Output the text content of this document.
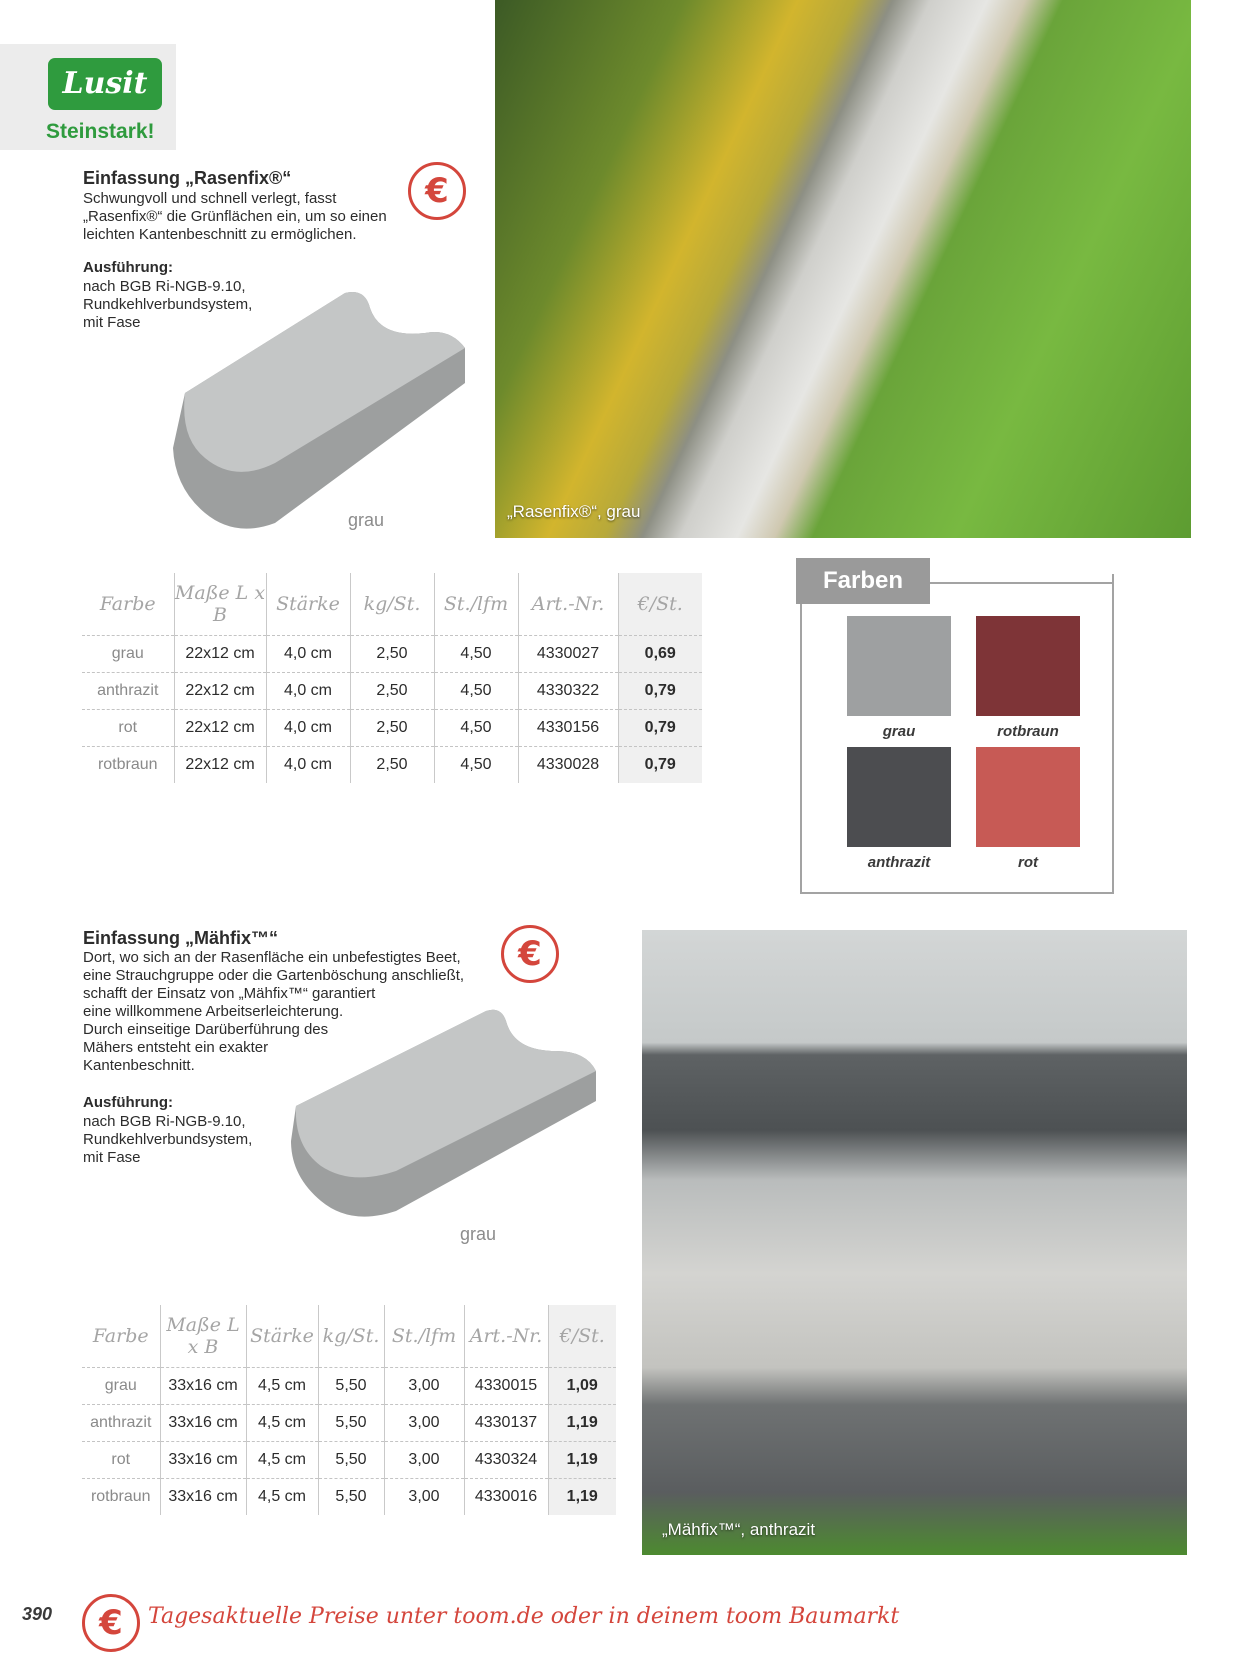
Lusit
Steinstark!
Einfassung „Rasenfix®“
Schwungvoll und schnell verlegt, fasst
„Rasenfix®“ die Grünflächen ein, um so einen
leichten Kantenbeschnitt zu ermöglichen.
Ausführung:
nach BGB Ri-NGB-9.10,
Rundkehlverbundsystem,
mit Fase
€
grau	„Rasenfix®“, grau
Farbe	Maße L x B	Stärke	kg/St.	St./lfm	Art.-Nr.	€/St.
grau	22x12 cm	4,0 cm	2,50	4,50	4330027	0,69
anthrazit	22x12 cm	4,0 cm	2,50	4,50	4330322	0,79
rot	22x12 cm	4,0 cm	2,50	4,50	4330156	0,79
rotbraun	22x12 cm	4,0 cm	2,50	4,50	4330028	0,79
Farben
grau	rotbraun
anthrazit	rot
Einfassung „Mähfix™“
Dort, wo sich an der Rasenfläche ein unbefestigtes Beet,
eine Strauchgruppe oder die Gartenböschung anschließt,
schafft der Einsatz von „Mähfix™“ garantiert
eine willkommene Arbeitserleichterung.
Durch einseitige Darüberführung des
Mähers entsteht ein exakter
Kantenbeschnitt.
€
Ausführung:
nach BGB Ri-NGB-9.10,
Rundkehlverbundsystem,
mit Fase
grau
„Mähfix™“, anthrazit
Farbe	Maße L x B	Stärke	kg/St.	St./lfm	Art.-Nr.	€/St.
grau	33x16 cm	4,5 cm	5,50	3,00	4330015	1,09
anthrazit	33x16 cm	4,5 cm	5,50	3,00	4330137	1,19
rot	33x16 cm	4,5 cm	5,50	3,00	4330324	1,19
rotbraun	33x16 cm	4,5 cm	5,50	3,00	4330016	1,19
390	€	Tagesaktuelle Preise unter toom.de oder in deinem toom Baumarkt
